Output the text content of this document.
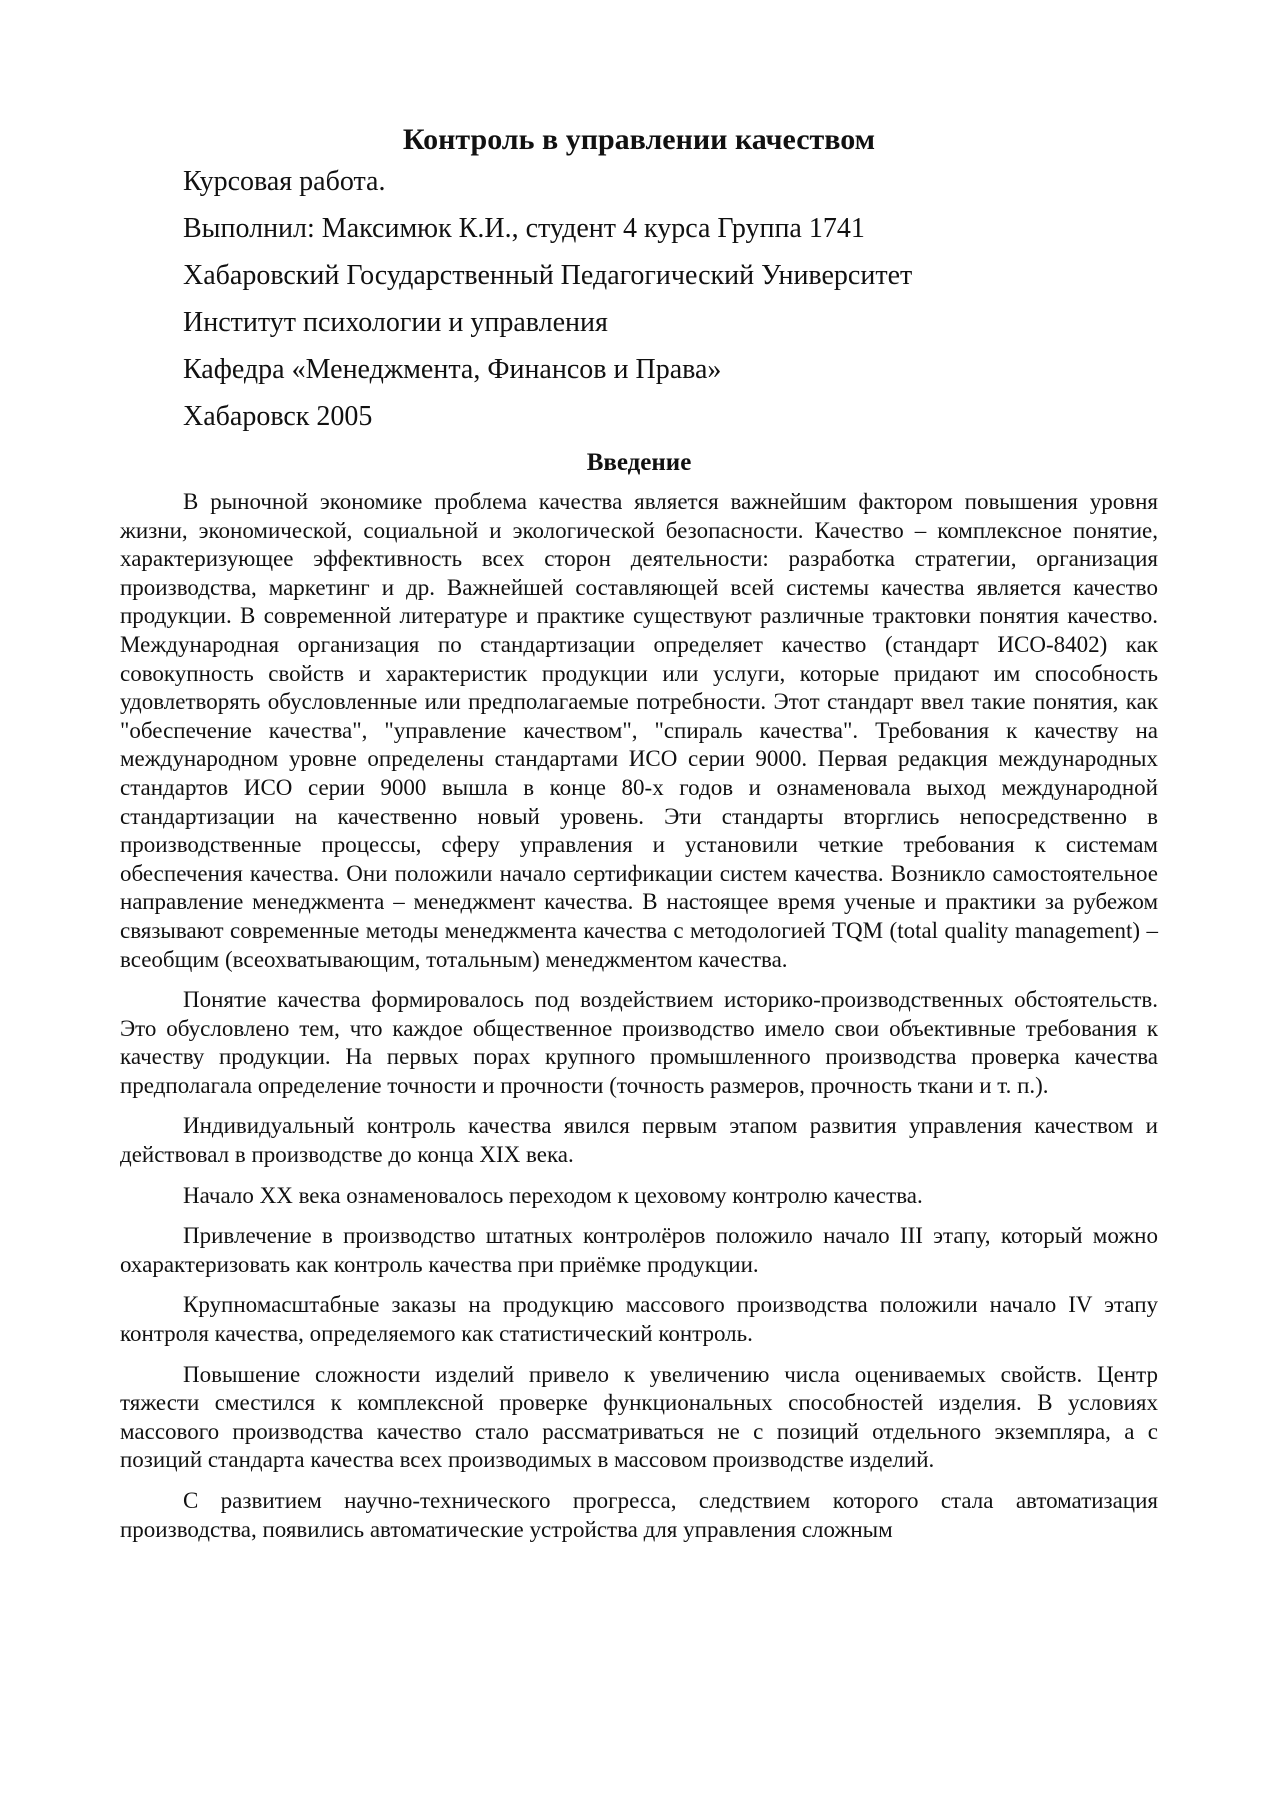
Контроль в управлении качеством
Курсовая работа.
Выполнил: Максимюк К.И., студент 4 курса Группа 1741
Хабаровский Государственный Педагогический Университет
Институт психологии и управления
Кафедра «Менеджмента, Финансов и Права»
Хабаровск 2005
Введение

В рыночной экономике проблема качества является важнейшим фактором повышения уровня жизни, экономической, социальной и экологической безопасности. Качество – комплексное понятие, характеризующее эффективность всех сторон деятельности: разработка стратегии, организация производства, маркетинг и др. Важнейшей составляющей всей системы качества является качество продукции. В современной литературе и практике существуют различные трактовки понятия качество. Международная организация по стандартизации определяет качество (стандарт ИСО-8402) как совокупность свойств и характеристик продукции или услуги, которые придают им способность удовлетворять обусловленные или предполагаемые потребности. Этот стандарт ввел такие понятия, как "обеспечение качества", "управление качеством", "спираль качества". Требования к качеству на международном уровне определены стандартами ИСО серии 9000. Первая редакция международных стандартов ИСО серии 9000 вышла в конце 80-х годов и ознаменовала выход международной стандартизации на качественно новый уровень. Эти стандарты вторглись непосредственно в производственные процессы, сферу управления и установили четкие требования к системам обеспечения качества. Они положили начало сертификации систем качества. Возникло самостоятельное направление менеджмента – менеджмент качества. В настоящее время ученые и практики за рубежом связывают современные методы менеджмента качества с методологией TQM (total quality management) – всеобщим (всеохватывающим, тотальным) менеджментом качества.

Понятие качества формировалось под воздействием историко-производственных обстоятельств. Это обусловлено тем, что каждое общественное производство имело свои объективные требования к качеству продукции. На первых порах крупного промышленного производства проверка качества предполагала определение точности и прочности (точность размеров, прочность ткани и т. п.).

Индивидуальный контроль качества явился первым этапом развития управления качеством и действовал в производстве до конца XIX века.

Начало XX века ознаменовалось переходом к цеховому контролю качества.

Привлечение в производство штатных контролёров положило начало III этапу, который можно охарактеризовать как контроль качества при приёмке продукции.

Крупномасштабные заказы на продукцию массового производства положили начало IV этапу контроля качества, определяемого как статистический контроль.

Повышение сложности изделий привело к увеличению числа оцениваемых свойств. Центр тяжести сместился к комплексной проверке функциональных способностей изделия. В условиях массового производства качество стало рассматриваться не с позиций отдельного экземпляра, а с позиций стандарта качества всех производимых в массовом производстве изделий.

С развитием научно-технического прогресса, следствием которого стала автоматизация производства, появились автоматические устройства для управления сложным
